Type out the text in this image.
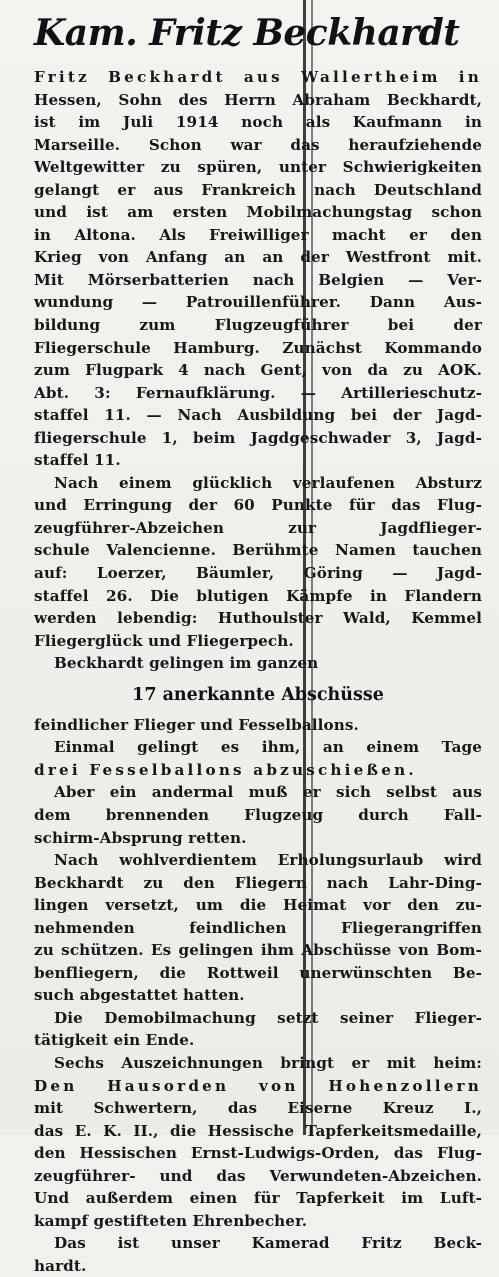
Kam. Fritz Beckhardt
Fritz Beckhardt aus Wallertheim in
Hessen, Sohn des Herrn Abraham Beckhardt,
ist im Juli 1914 noch als Kaufmann in
Marseille. Schon war das heraufziehende
Weltgewitter zu spüren, unter Schwierigkeiten
gelangt er aus Frankreich nach Deutschland
und ist am ersten Mobilmachungstag schon
in Altona. Als Freiwilliger macht er den
Krieg von Anfang an an der Westfront mit.
Mit Mörserbatterien nach Belgien — Ver-
wundung — Patrouillenführer. Dann Aus-
bildung zum Flugzeugführer bei der
Fliegerschule Hamburg. Zunächst Kommando
zum Flugpark 4 nach Gent, von da zu AOK.
Abt. 3: Fernaufklärung. — Artillerieschutz-
staffel 11. — Nach Ausbildung bei der Jagd-
fliegerschule 1, beim Jagdgeschwader 3, Jagd-
staffel 11.
Nach einem glücklich verlaufenen Absturz
und Erringung der 60 Punkte für das Flug-
zeugführer-Abzeichen zur Jagdflieger-
schule Valencienne. Berühmte Namen tauchen
auf: Loerzer, Bäumler, Göring — Jagd-
staffel 26. Die blutigen Kämpfe in Flandern
werden lebendig: Huthoulster Wald, Kemmel
Fliegerglück und Fliegerpech.
Beckhardt gelingen im ganzen
17 anerkannte Abschüsse
feindlicher Flieger und Fesselballons.
Einmal gelingt es ihm, an einem Tage
drei Fesselballons abzuschießen.
Aber ein andermal muß er sich selbst aus
dem brennenden Flugzeug durch Fall-
schirm-Absprung retten.
Nach wohlverdientem Erholungsurlaub wird
Beckhardt zu den Fliegern nach Lahr-Ding-
lingen versetzt, um die Heimat vor den zu-
nehmenden feindlichen Fliegerangriffen
zu schützen. Es gelingen ihm Abschüsse von Bom-
benfliegern, die Rottweil unerwünschten Be-
such abgestattet hatten.
Die Demobilmachung setzt seiner Flieger-
tätigkeit ein Ende.
Sechs Auszeichnungen bringt er mit heim:
Den Hausorden von Hohenzollern
mit Schwertern, das Eiserne Kreuz I.,
das E. K. II., die Hessische Tapferkeitsmedaille,
den Hessischen Ernst-Ludwigs-Orden, das Flug-
zeugführer- und das Verwundeten-Abzeichen.
Und außerdem einen für Tapferkeit im Luft-
kampf gestifteten Ehrenbecher.
Das ist unser Kamerad Fritz Beck-
hardt.
